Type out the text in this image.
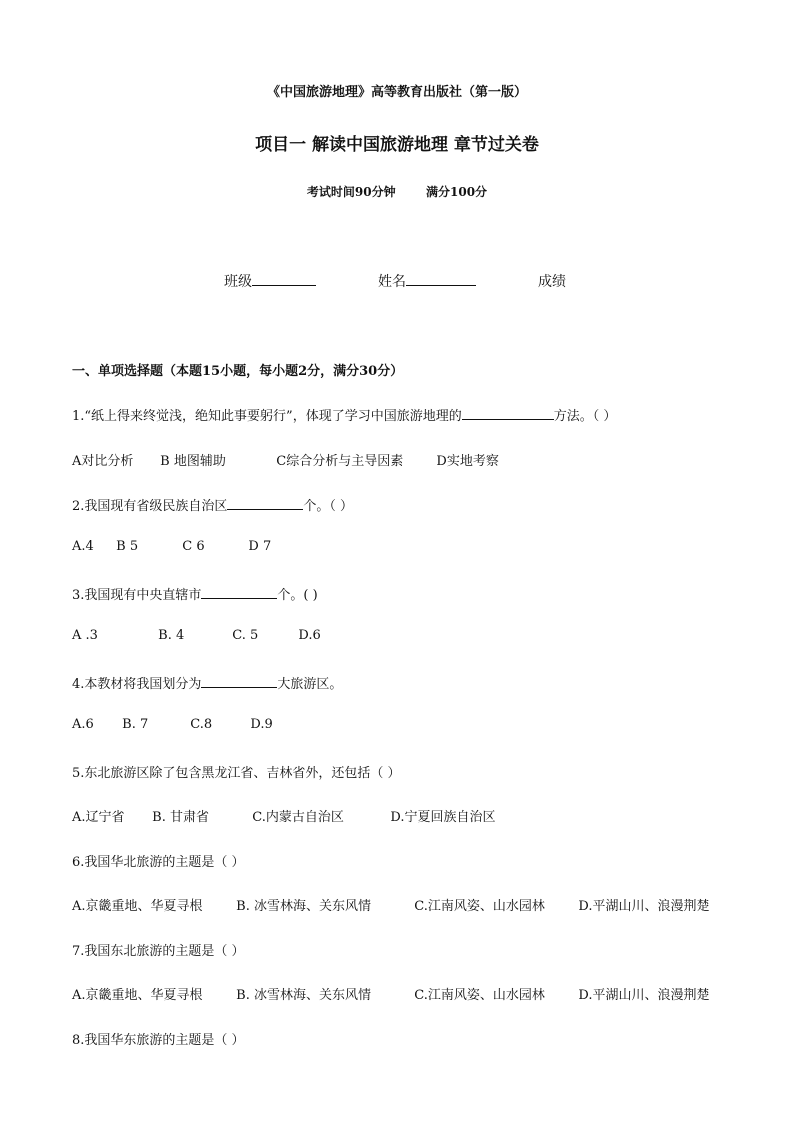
《中国旅游地理》高等教育出版社（第一版）
项目一 解读中国旅游地理 章节过关卷
考试时间90分钟	满分100分
班级	姓名	成绩
一、单项选择题（本题15小题，每小题2分，满分30分）
1.“纸上得来终觉浅，绝知此事要躬行”，体现了学习中国旅游地理的	方法。（ ）
A对比分析 B 地图辅助	C综合分析与主导因素	D实地考察
2.我国现有省级民族自治区	个。（ ）
A.4 B 5	C 6	D 7
3.我国现有中央直辖市	个。( )
A .3	B. 4	C. 5	D.6
4.本教材将我国划分为	大旅游区。
A.6 B. 7	C.8	D.9
5.东北旅游区除了包含黑龙江省、吉林省外，还包括（ ）
A.辽宁省 B. 甘肃省	C.内蒙古自治区	D.宁夏回族自治区
6.我国华北旅游的主题是（ ）
A.京畿重地、华夏寻根	B. 冰雪林海、关东风情	C.江南风姿、山水园林	D.平湖山川、浪漫荆楚
7.我国东北旅游的主题是（ ）
A.京畿重地、华夏寻根	B. 冰雪林海、关东风情	C.江南风姿、山水园林	D.平湖山川、浪漫荆楚
8.我国华东旅游的主题是（ ）
